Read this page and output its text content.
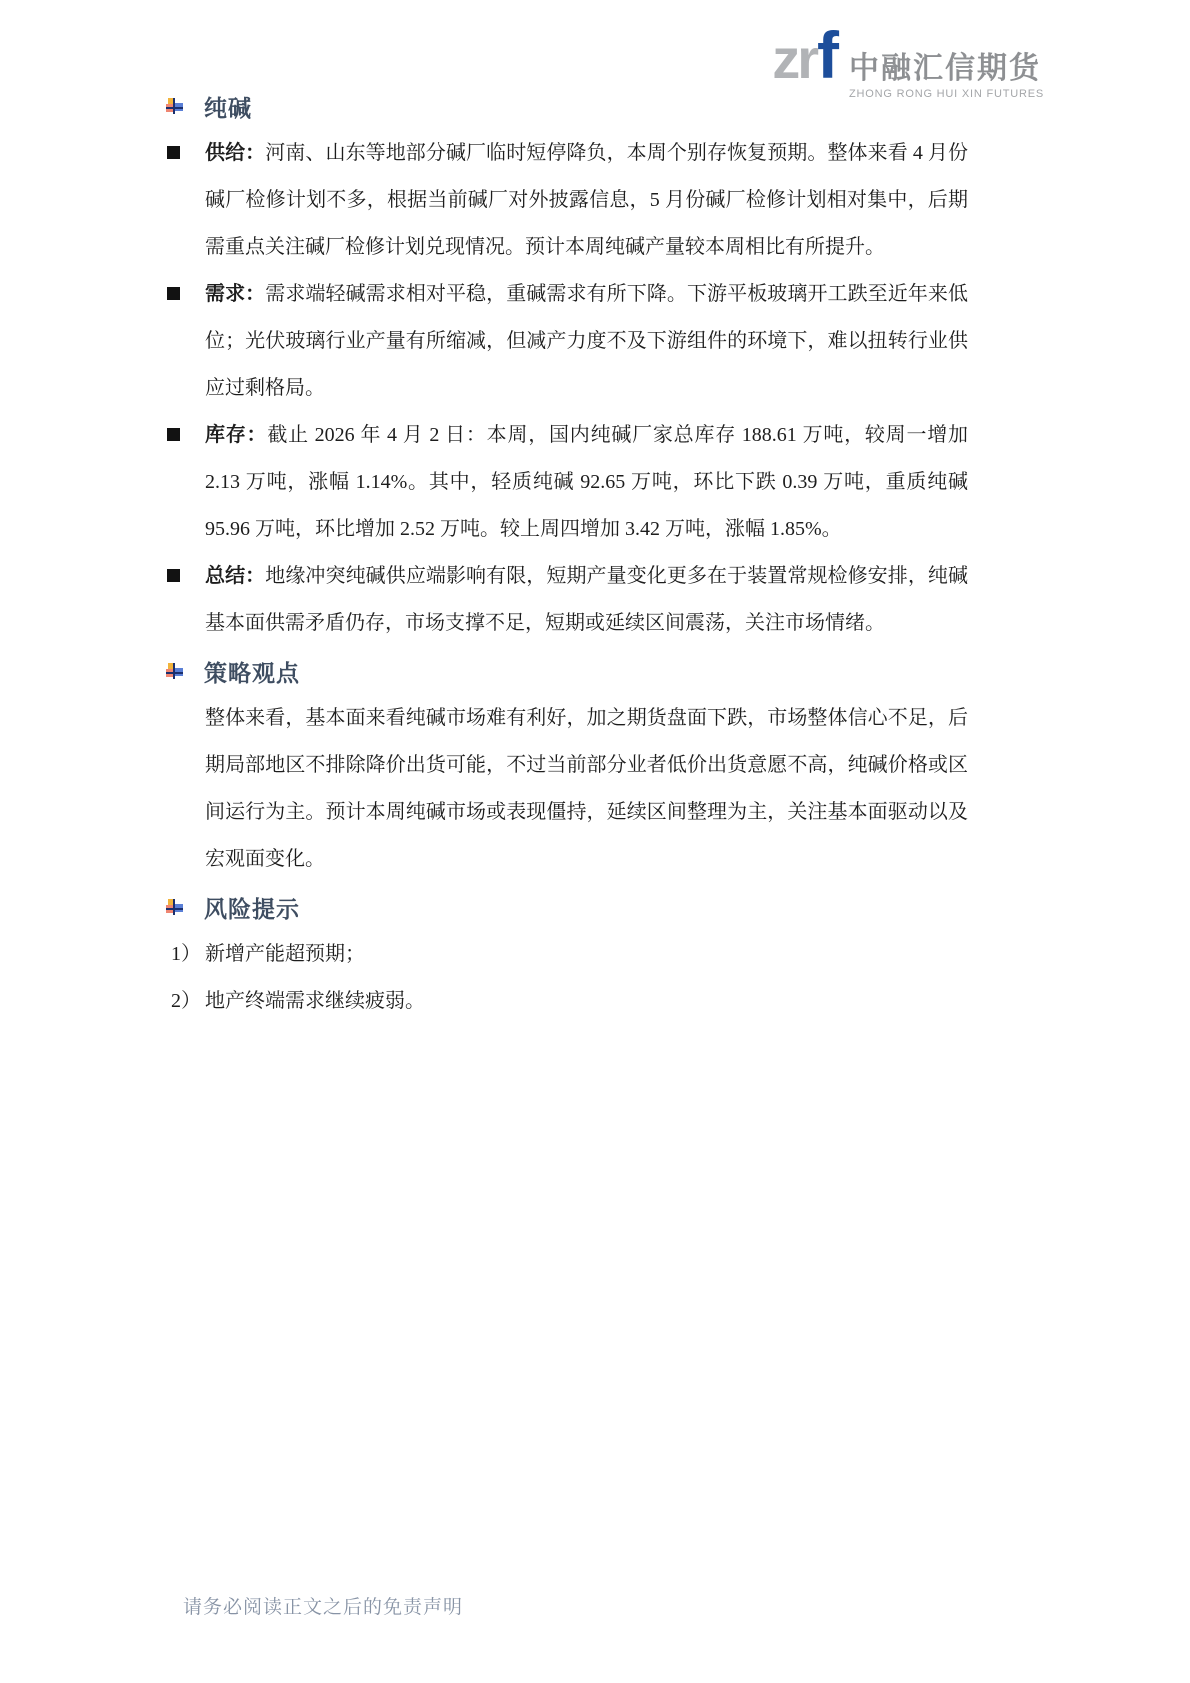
zr f 中融汇信期货
ZHONG RONG HUI XIN FUTURES
纯碱
供给：河南、山东等地部分碱厂临时短停降负，本周个别存恢复预期。整体来看 4 月份碱厂检修计划不多，根据当前碱厂对外披露信息，5 月份碱厂检修计划相对集中，后期需重点关注碱厂检修计划兑现情况。预计本周纯碱产量较本周相比有所提升。
需求：需求端轻碱需求相对平稳，重碱需求有所下降。下游平板玻璃开工跌至近年来低位；光伏玻璃行业产量有所缩减，但减产力度不及下游组件的环境下，难以扭转行业供应过剩格局。
库存：截止 2026 年 4 月 2 日：本周，国内纯碱厂家总库存 188.61 万吨，较周一增加 2.13 万吨，涨幅 1.14%。其中，轻质纯碱 92.65 万吨，环比下跌 0.39 万吨，重质纯碱 95.96 万吨，环比增加 2.52 万吨。较上周四增加 3.42 万吨，涨幅 1.85%。
总结：地缘冲突纯碱供应端影响有限，短期产量变化更多在于装置常规检修安排，纯碱基本面供需矛盾仍存，市场支撑不足，短期或延续区间震荡，关注市场情绪。
策略观点
整体来看，基本面来看纯碱市场难有利好，加之期货盘面下跌，市场整体信心不足，后期局部地区不排除降价出货可能，不过当前部分业者低价出货意愿不高，纯碱价格或区间运行为主。预计本周纯碱市场或表现僵持，延续区间整理为主，关注基本面驱动以及宏观面变化。
风险提示
1） 新增产能超预期；
2） 地产终端需求继续疲弱。
请务必阅读正文之后的免责声明
